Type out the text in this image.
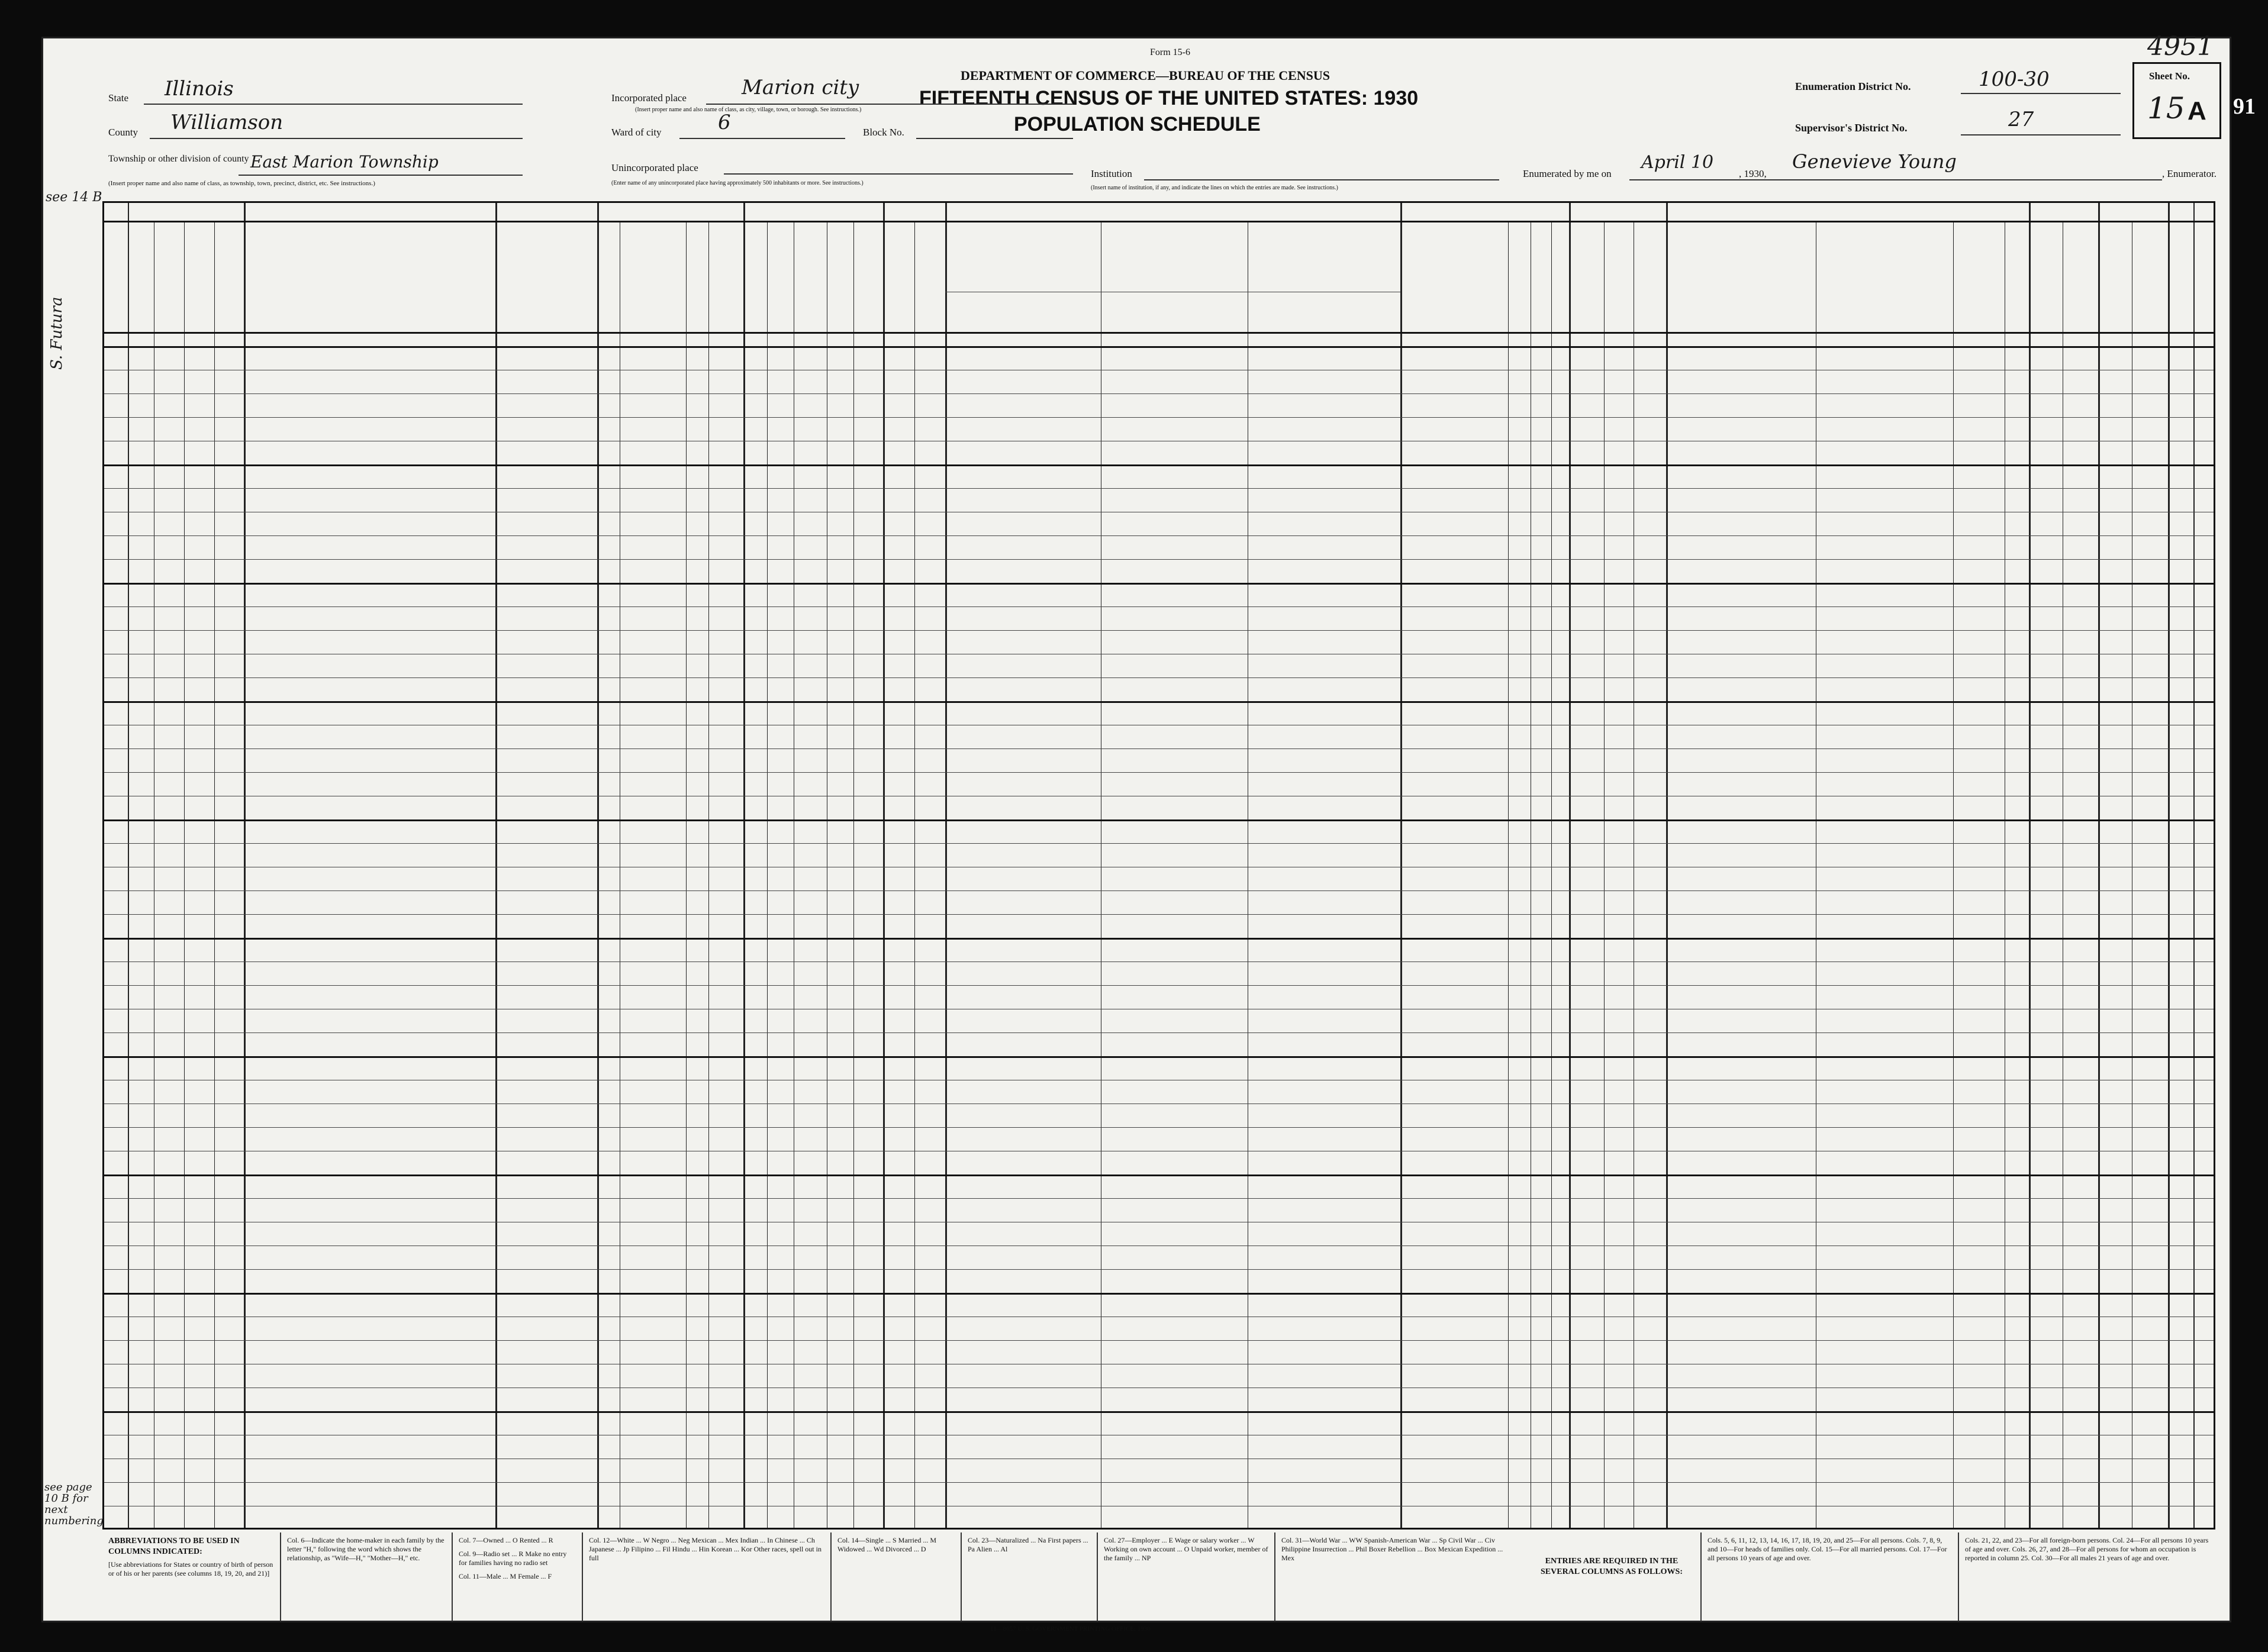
Form 15-6
DEPARTMENT OF COMMERCE—BUREAU OF THE CENSUS
FIFTEENTH CENSUS OF THE UNITED STATES: 1930
POPULATION SCHEDULE
4951
91
State Illinois
County Williamson
Township or other division of county East Marion Township
(Insert proper name and also name of class, as township, town, precinct, district, etc. See instructions.)
Incorporated place	Marion city
(Insert proper name and also name of class, as city, village, town, or borough. See instructions.)
Ward of city	6	Block No.
Unincorporated place
(Enter name of any unincorporated place having approximately 500 inhabitants or more. See instructions.)
Institution
(Insert name of institution, if any, and indicate the lines on which the entries are made. See instructions.)
Enumeration District No.	100-30
Supervisor's District No.	27
Enumerated by me on
April 10
, 1930,
Genevieve Young
, Enumerator.
Sheet No.
15 A
S. Futura
see 14 B
see page 10 B for next numbering
ABBREVIATIONS TO BE USED IN COLUMNS INDICATED:
[Use abbreviations for States or country of birth of person or of his or her parents (see columns 18, 19, 20, and 21)]
Col. 6—Indicate the home-maker in each family by the letter "H," following the word which shows the relationship, as "Wife—H," "Mother—H," etc.
Col. 7—Owned ... O Rented ... R
Col. 9—Radio set ... R Make no entry for families having no radio set
Col. 11—Male ... M Female ... F
Col. 12—White ... W Negro ... Neg Mexican ... Mex Indian ... In Chinese ... Ch Japanese ... Jp Filipino ... Fil Hindu ... Hin Korean ... Kor Other races, spell out in full
Col. 14—Single ... S Married ... M Widowed ... Wd Divorced ... D
Col. 23—Naturalized ... Na First papers ... Pa Alien ... Al
Col. 27—Employer ... E Wage or salary worker ... W Working on own account ... O Unpaid worker, member of the family ... NP
Col. 31—World War ... WW Spanish-American War ... Sp Civil War ... Civ Philippine Insurrection ... Phil Boxer Rebellion ... Box Mexican Expedition ... Mex	ENTRIES ARE REQUIRED IN THE SEVERAL COLUMNS AS FOLLOWS:
Cols. 5, 6, 11, 12, 13, 14, 16, 17, 18, 19, 20, and 25—For all persons. Cols. 7, 8, 9, and 10—For heads of families only. Col. 15—For all married persons. Col. 17—For all persons 10 years of age and over.
Cols. 21, 22, and 23—For all foreign-born persons. Col. 24—For all persons 10 years of age and over. Cols. 26, 27, and 28—For all persons for whom an occupation is reported in column 25. Col. 30—For all males 21 years of age and over.
11—8657 U. S. GOVERNMENT PRINTING OFFICE: 1930
